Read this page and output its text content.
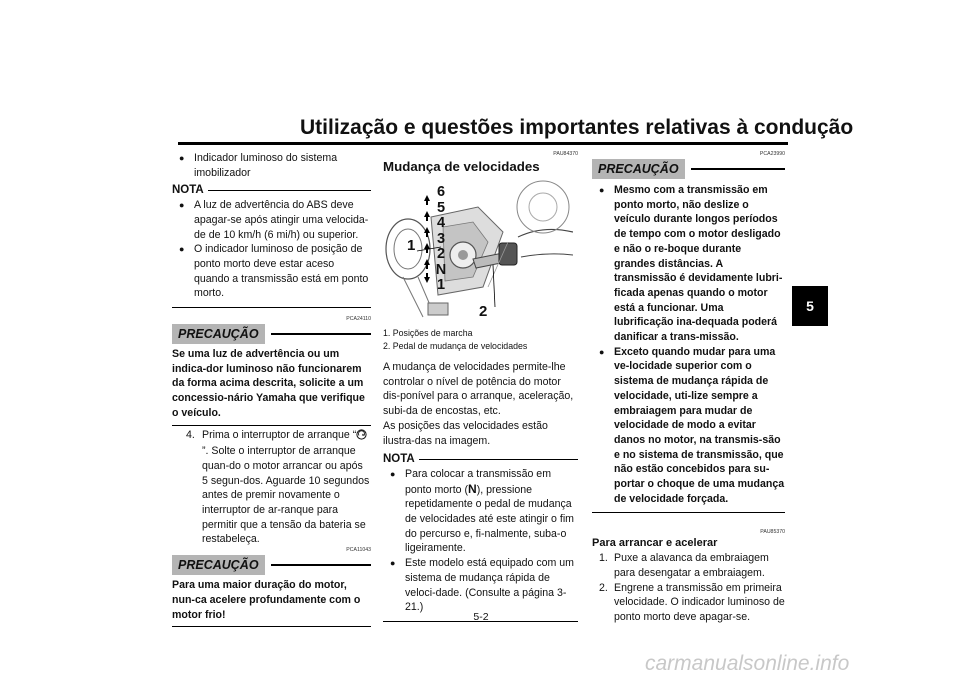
Utilização e questões importantes relativas à condução
5
● Indicador luminoso do sistema imobilizador
NOTA
● A luz de advertência do ABS deve apagar-se após atingir uma velocida-de de 10 km/h (6 mi/h) ou superior.
● O indicador luminoso de posição de ponto morto deve estar aceso quando a transmissão está em ponto morto.
PCA24110
PRECAUÇÃO
Se uma luz de advertência ou um indica-dor luminoso não funcionarem da forma acima descrita, solicite a um concessio-nário Yamaha que verifique o veículo.
4. Prima o interruptor de arranque “”. Solte o interruptor de arranque quan-do o motor arrancar ou após 5 segun-dos. Aguarde 10 segundos antes de premir novamente o interruptor de ar-ranque para permitir que a tensão da bateria se restabeleça.
PCA11043
PRECAUÇÃO
Para uma maior duração do motor, nun-ca acelere profundamente com o motor frio!
PAU84370
Mudança de velocidades
6
5
4
3
2
N
1
1
2
1. Posições de marcha
2. Pedal de mudança de velocidades
A mudança de velocidades permite-lhe controlar o nível de potência do motor dis-ponível para o arranque, aceleração, subi-da de encostas, etc.
As posições das velocidades estão ilustra-das na imagem.
NOTA
● Para colocar a transmissão em ponto morto (N), pressione repetidamente o pedal de mudança de velocidades até este atingir o fim do percurso e, fi-nalmente, suba-o ligeiramente.
● Este modelo está equipado com um sistema de mudança rápida de veloci-dade. (Consulte a página 3-21.)
PCA23990
PRECAUÇÃO
● Mesmo com a transmissão em ponto morto, não deslize o veículo durante longos períodos de tempo com o motor desligado e não o re-boque durante grandes distâncias. A transmissão é devidamente lubri-ficada apenas quando o motor está a funcionar. Uma lubrificação ina-dequada poderá danificar a trans-missão.
● Exceto quando mudar para uma ve-locidade superior com o sistema de mudança rápida de velocidade, uti-lize sempre a embraiagem para mudar de velocidade de modo a evitar danos no motor, na transmis-são e no sistema de transmissão, que não estão concebidos para su-portar o choque de uma mudança de velocidade forçada.
PAU85370
Para arrancar e acelerar
1. Puxe a alavanca da embraiagem para desengatar a embraiagem.
2. Engrene a transmissão em primeira velocidade. O indicador luminoso de ponto morto deve apagar-se.
5-2
carmanualsonline.info
